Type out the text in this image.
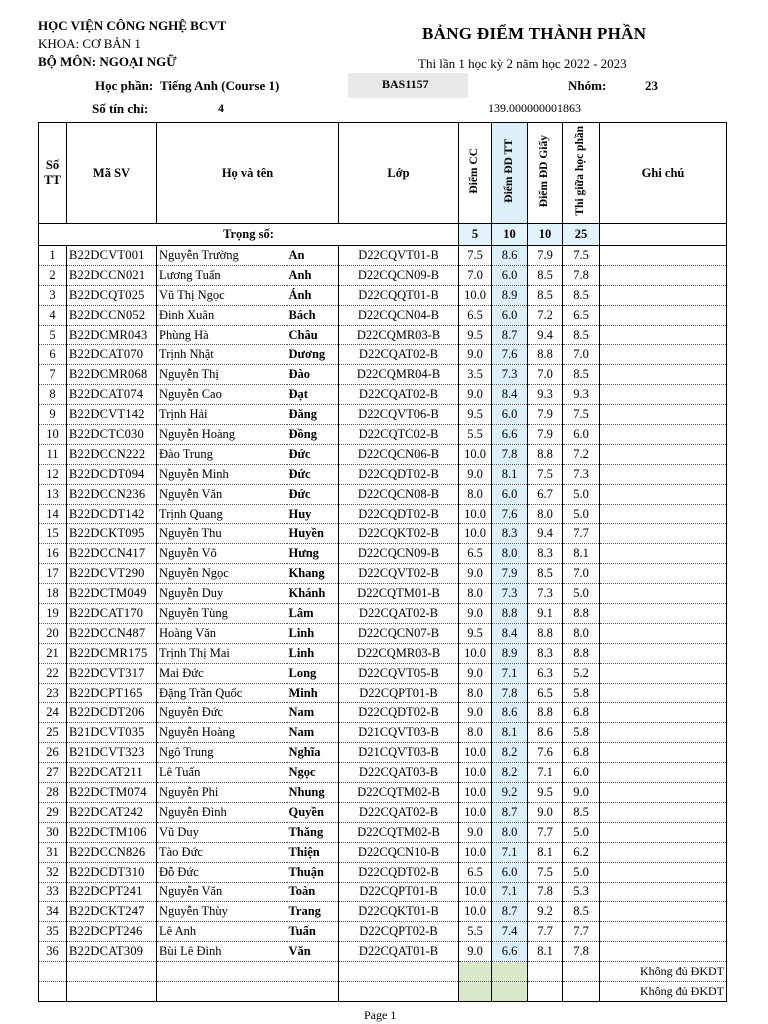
HỌC VIỆN CÔNG NGHỆ BCVT
KHOA: CƠ BẢN 1
BỘ MÔN: NGOẠI NGỮ
BẢNG ĐIỂM THÀNH PHẦN
Thi lần 1 học kỳ 2 năm học 2022 - 2023
Học phần: Tiếng Anh (Course 1)	BAS1157	Nhóm:	23
Số tín chỉ:	4	139.000000001863
Số TT	Mã SV	Họ và tên		Lớp	Điểm CC	Điểm ĐD TT	Điểm ĐD Giấy	Thi giữa học phần	Ghi chú
Trọng số:					5	10	10	25	
1	B22DCVT001	Nguyễn Trường	An	D22CQVT01-B	7.5	8.6	7.9	7.5	
2	B22DCCN021	Lương Tuấn	Anh	D22CQCN09-B	7.0	6.0	8.5	7.8	
3	B22DCQT025	Vũ Thị Ngọc	Ánh	D22CQQT01-B	10.0	8.9	8.5	8.5	
4	B22DCCN052	Đinh Xuân	Bách	D22CQCN04-B	6.5	6.0	7.2	6.5	
5	B22DCMR043	Phùng Hà	Châu	D22CQMR03-B	9.5	8.7	9.4	8.5	
6	B22DCAT070	Trịnh Nhật	Dương	D22CQAT02-B	9.0	7.6	8.8	7.0	
7	B22DCMR068	Nguyễn Thị	Đào	D22CQMR04-B	3.5	7.3	7.0	8.5	
8	B22DCAT074	Nguyễn Cao	Đạt	D22CQAT02-B	9.0	8.4	9.3	9.3	
9	B22DCVT142	Trịnh Hải	Đăng	D22CQVT06-B	9.5	6.0	7.9	7.5	
10	B22DCTC030	Nguyễn Hoàng	Đồng	D22CQTC02-B	5.5	6.6	7.9	6.0	
11	B22DCCN222	Đào Trung	Đức	D22CQCN06-B	10.0	7.8	8.8	7.2	
12	B22DCDT094	Nguyễn Minh	Đức	D22CQDT02-B	9.0	8.1	7.5	7.3	
13	B22DCCN236	Nguyễn Văn	Đức	D22CQCN08-B	8.0	6.0	6.7	5.0	
14	B22DCDT142	Trịnh Quang	Huy	D22CQDT02-B	10.0	7.6	8.0	5.0	
15	B22DCKT095	Nguyễn Thu	Huyền	D22CQKT02-B	10.0	8.3	9.4	7.7	
16	B22DCCN417	Nguyễn Võ	Hưng	D22CQCN09-B	6.5	8.0	8.3	8.1	
17	B22DCVT290	Nguyễn Ngọc	Khang	D22CQVT02-B	9.0	7.9	8.5	7.0	
18	B22DCTM049	Nguyễn Duy	Khánh	D22CQTM01-B	8.0	7.3	7.3	5.0	
19	B22DCAT170	Nguyễn Tùng	Lâm	D22CQAT02-B	9.0	8.8	9.1	8.8	
20	B22DCCN487	Hoàng Văn	Linh	D22CQCN07-B	9.5	8.4	8.8	8.0	
21	B22DCMR175	Trịnh Thị Mai	Linh	D22CQMR03-B	10.0	8.9	8.3	8.8	
22	B22DCVT317	Mai Đức	Long	D22CQVT05-B	9.0	7.1	6.3	5.2	
23	B22DCPT165	Đặng Trần Quốc	Minh	D22CQPT01-B	8.0	7.8	6.5	5.8	
24	B22DCDT206	Nguyễn Đức	Nam	D22CQDT02-B	9.0	8.6	8.8	6.8	
25	B21DCVT035	Nguyễn Hoàng	Nam	D21CQVT03-B	8.0	8.1	8.6	5.8	
26	B21DCVT323	Ngô Trung	Nghĩa	D21CQVT03-B	10.0	8.2	7.6	6.8	
27	B22DCAT211	Lê Tuấn	Ngọc	D22CQAT03-B	10.0	8.2	7.1	6.0	
28	B22DCTM074	Nguyễn Phi	Nhung	D22CQTM02-B	10.0	9.2	9.5	9.0	
29	B22DCAT242	Nguyễn Đình	Quyền	D22CQAT02-B	10.0	8.7	9.0	8.5	
30	B22DCTM106	Vũ Duy	Thăng	D22CQTM02-B	9.0	8.0	7.7	5.0	
31	B22DCCN826	Tào Đức	Thiện	D22CQCN10-B	10.0	7.1	8.1	6.2	
32	B22DCDT310	Đỗ Đức	Thuận	D22CQDT02-B	6.5	6.0	7.5	5.0	
33	B22DCPT241	Nguyễn Văn	Toàn	D22CQPT01-B	10.0	7.1	7.8	5.3	
34	B22DCKT247	Nguyễn Thùy	Trang	D22CQKT01-B	10.0	8.7	9.2	8.5	
35	B22DCPT246	Lê Anh	Tuấn	D22CQPT02-B	5.5	7.4	7.7	7.7	
36	B22DCAT309	Bùi Lê Đình	Văn	D22CQAT01-B	9.0	6.6	8.1	7.8	
									Không đủ ĐKDT
									Không đủ ĐKDT
Page 1
